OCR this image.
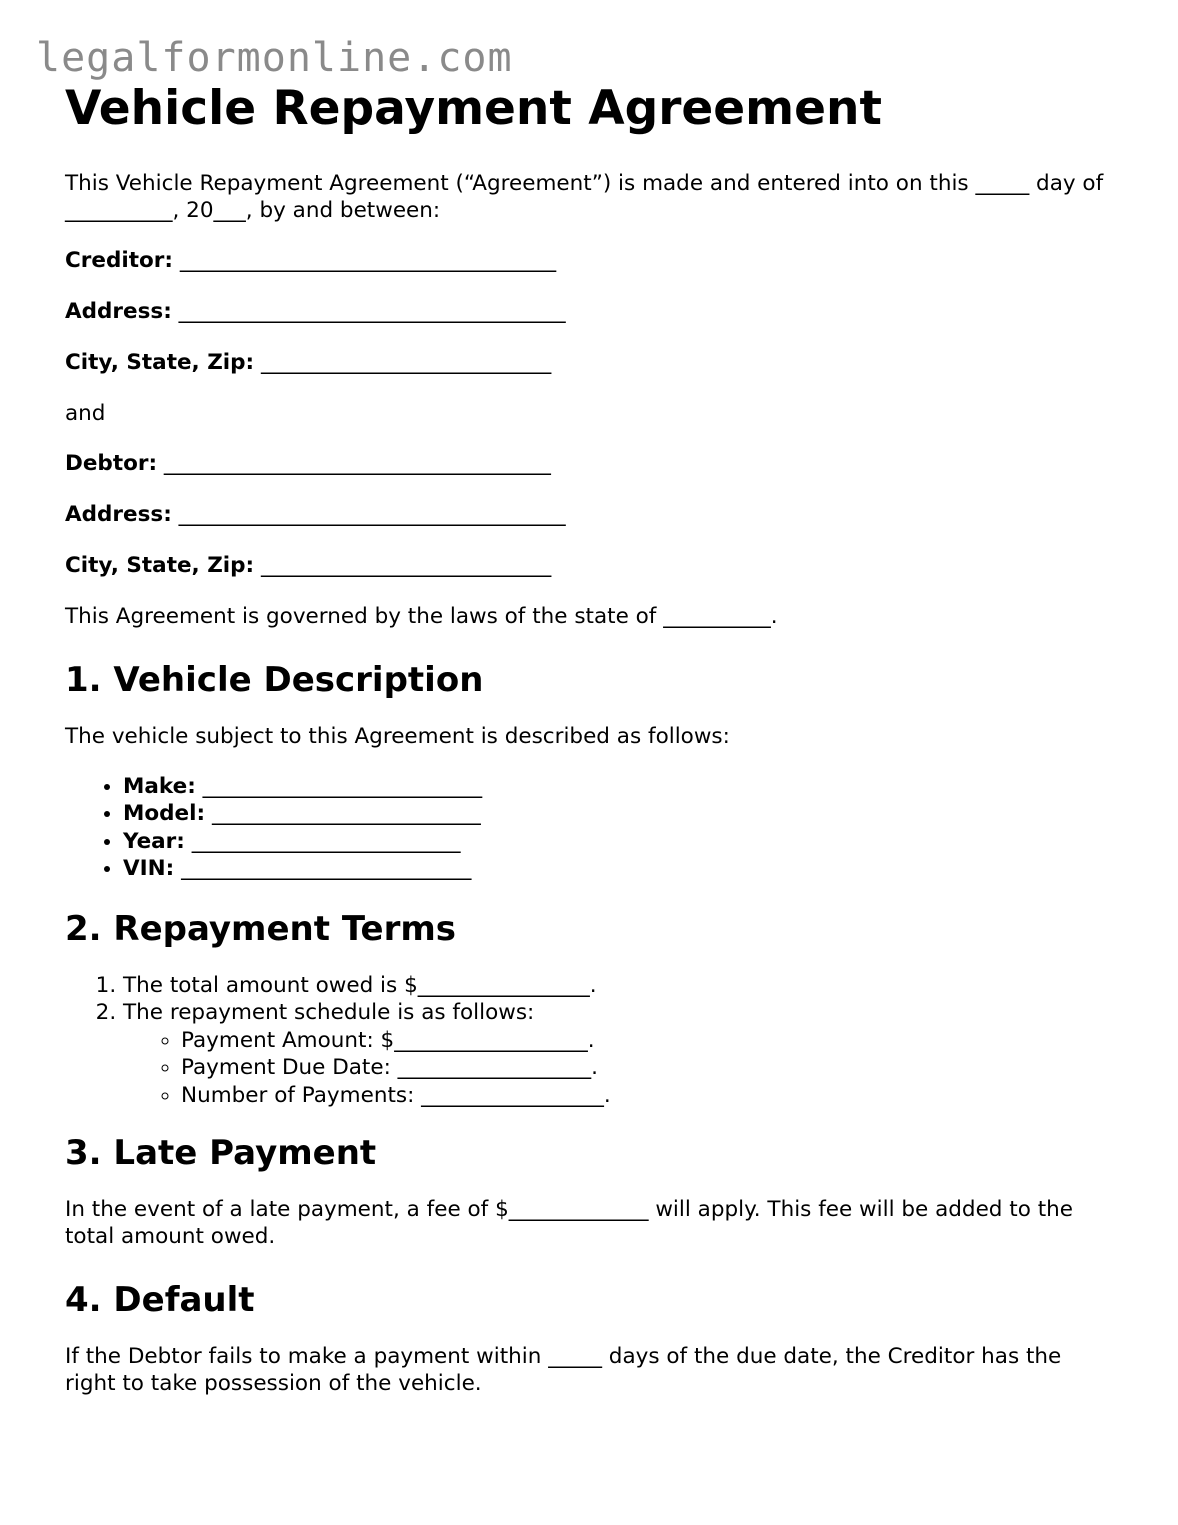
legalformonline.com
Vehicle Repayment Agreement

This Vehicle Repayment Agreement (“Agreement”) is made and entered into on this _____ day of __________, 20___, by and between:

Creditor: ___________________________________
Address: ____________________________________
City, State, Zip: ___________________________

and

Debtor: ____________________________________
Address: ____________________________________
City, State, Zip: ___________________________

This Agreement is governed by the laws of the state of __________.

1. Vehicle Description

The vehicle subject to this Agreement is described as follows:

• Make: __________________________
• Model: _________________________
• Year: _________________________
• VIN: ___________________________
2. Repayment Terms
1. The total amount owed is $________________.
2. The repayment schedule is as follows:
◦ Payment Amount: $__________________.
◦ Payment Due Date: __________________.
◦ Number of Payments: _________________.
3. Late Payment

In the event of a late payment, a fee of $_____________ will apply. This fee will be added to the total amount owed.

4. Default

If the Debtor fails to make a payment within _____ days of the due date, the Creditor has the right to take possession of the vehicle.
